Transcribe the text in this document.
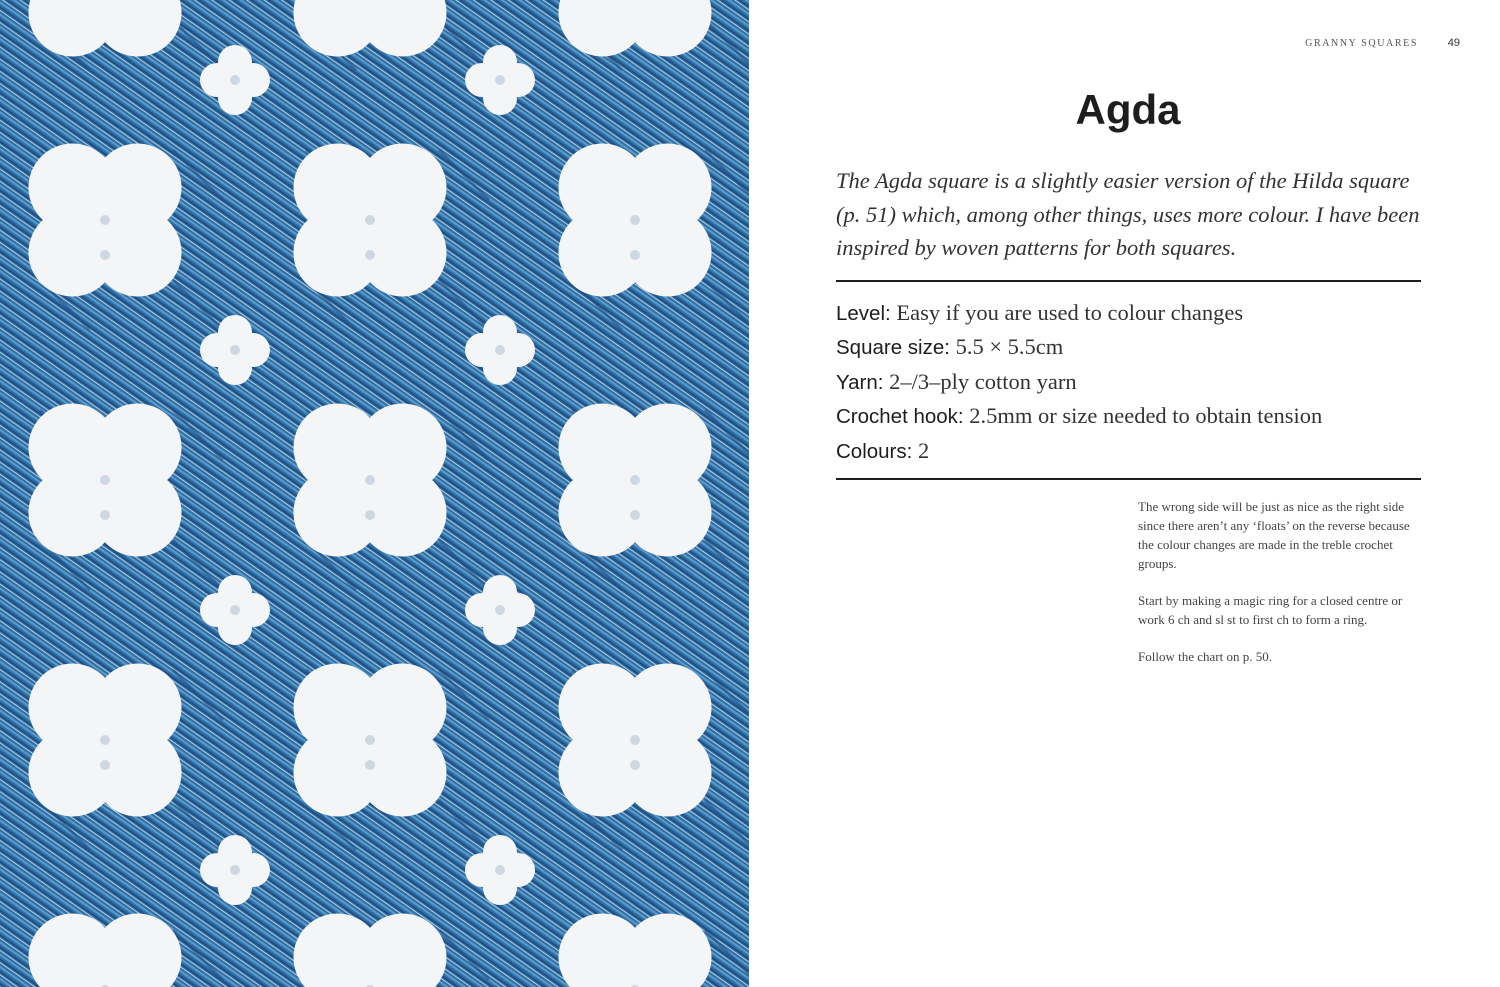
GRANNY SQUARES	49
Agda

The Agda square is a slightly easier version of the Hilda square (p. 51) which, among other things, uses more colour. I have been inspired by woven patterns for both squares.

Level: Easy if you are used to colour changes
Square size: 5.5 × 5.5cm
Yarn: 2–/3–ply cotton yarn
Crochet hook: 2.5mm or size needed to obtain tension
Colours: 2

The wrong side will be just as nice as the right side since there aren’t any ‘floats’ on the reverse because the colour changes are made in the treble crochet groups.

Start by making a magic ring for a closed centre or work 6 ch and sl st to first ch to form a ring.

Follow the chart on p. 50.
